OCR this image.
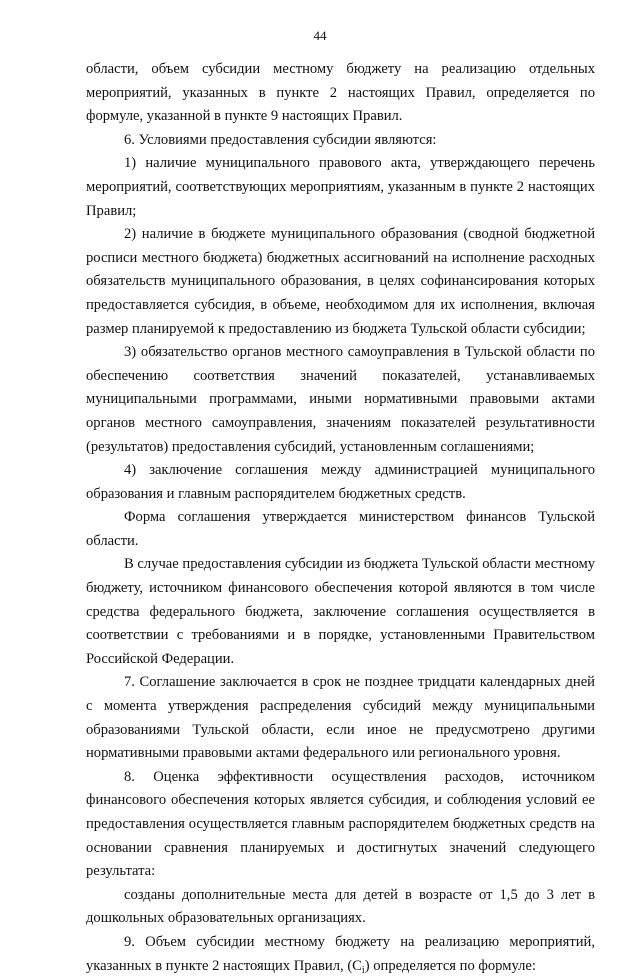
44

области, объем субсидии местному бюджету на реализацию отдельных мероприятий, указанных в пункте 2 настоящих Правил, определяется по формуле, указанной в пункте 9 настоящих Правил.

6. Условиями предоставления субсидии являются:

1) наличие муниципального правового акта, утверждающего перечень мероприятий, соответствующих мероприятиям, указанным в пункте 2 настоящих Правил;

2) наличие в бюджете муниципального образования (сводной бюджетной росписи местного бюджета) бюджетных ассигнований на исполнение расходных обязательств муниципального образования, в целях софинансирования которых предоставляется субсидия, в объеме, необходимом для их исполнения, включая размер планируемой к предоставлению из бюджета Тульской области субсидии;

3) обязательство органов местного самоуправления в Тульской области по обеспечению соответствия значений показателей, устанавливаемых муниципальными программами, иными нормативными правовыми актами органов местного самоуправления, значениям показателей результативности (результатов) предоставления субсидий, установленным соглашениями;

4) заключение соглашения между администрацией муниципального образования и главным распорядителем бюджетных средств.

Форма соглашения утверждается министерством финансов Тульской области.

В случае предоставления субсидии из бюджета Тульской области местному бюджету, источником финансового обеспечения которой являются в том числе средства федерального бюджета, заключение соглашения осуществляется в соответствии с требованиями и в порядке, установленными Правительством Российской Федерации.

7. Соглашение заключается в срок не позднее тридцати календарных дней с момента утверждения распределения субсидий между муниципальными образованиями Тульской области, если иное не предусмотрено другими нормативными правовыми актами федерального или регионального уровня.

8. Оценка эффективности осуществления расходов, источником финансового обеспечения которых является субсидия, и соблюдения условий ее предоставления осуществляется главным распорядителем бюджетных средств на основании сравнения планируемых и достигнутых значений следующего результата:

созданы дополнительные места для детей в возрасте от 1,5 до 3 лет в дошкольных образовательных организациях.

9. Объем субсидии местному бюджету на реализацию мероприятий, указанных в пункте 2 настоящих Правил, $(C_i)$ определяется по формуле:
